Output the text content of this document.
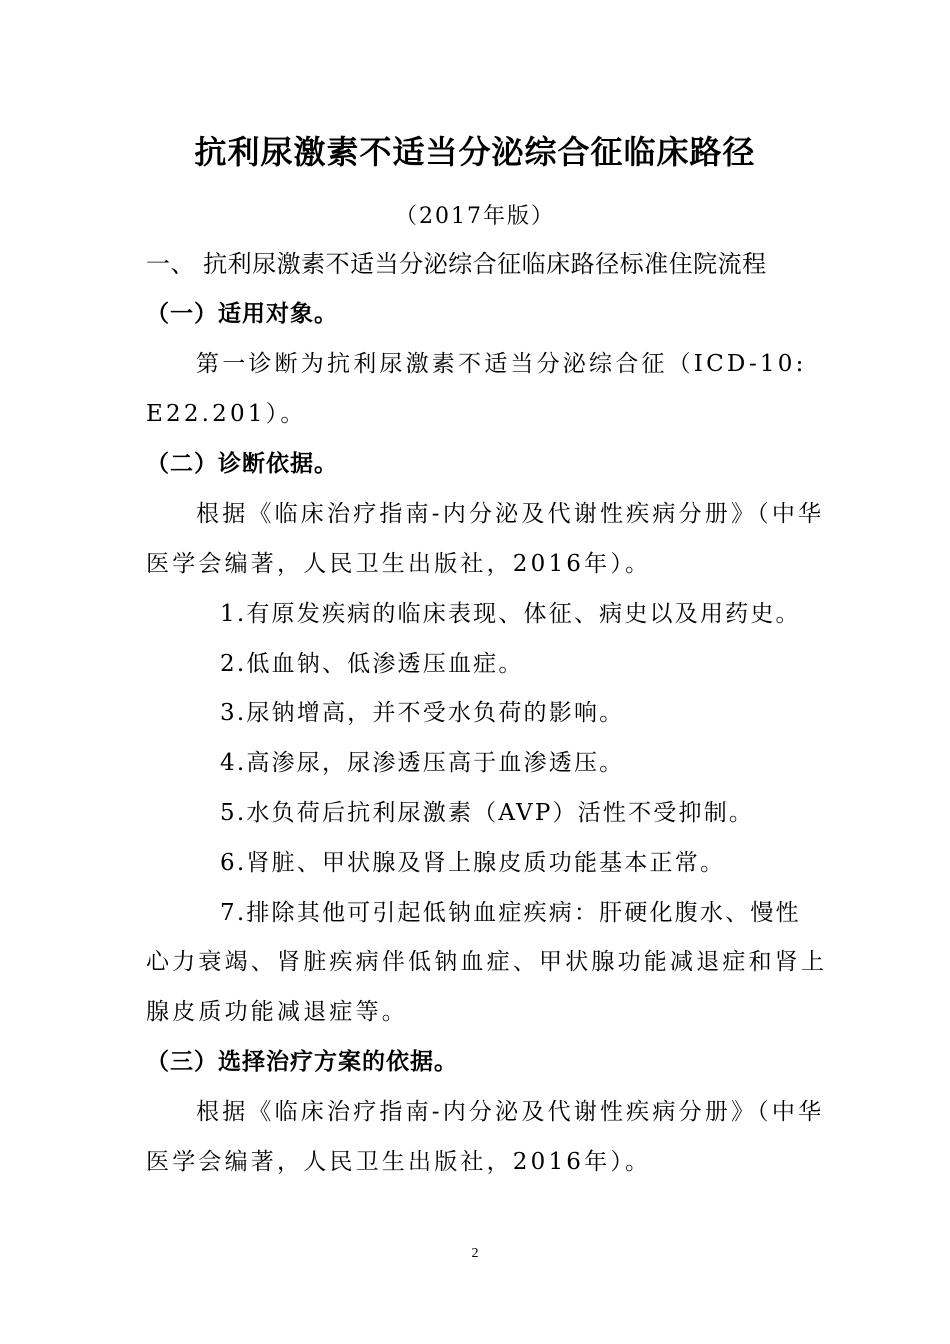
抗利尿激素不适当分泌综合征临床路径
（2017年版）
一、 抗利尿激素不适当分泌综合征临床路径标准住院流程
（一）适用对象。
第一诊断为抗利尿激素不适当分泌综合征（ICD-10:
E22.201）。
（二）诊断依据。
根据《临床治疗指南-内分泌及代谢性疾病分册》（中华
医学会编著，人民卫生出版社，2016年）。
1.有原发疾病的临床表现、体征、病史以及用药史。
2.低血钠、低渗透压血症。
3.尿钠增高，并不受水负荷的影响。
4.高渗尿，尿渗透压高于血渗透压。
5.水负荷后抗利尿激素（AVP）活性不受抑制。
6.肾脏、甲状腺及肾上腺皮质功能基本正常。
7.排除其他可引起低钠血症疾病：肝硬化腹水、慢性
心力衰竭、肾脏疾病伴低钠血症、甲状腺功能减退症和肾上
腺皮质功能减退症等。
（三）选择治疗方案的依据。
根据《临床治疗指南-内分泌及代谢性疾病分册》（中华
医学会编著，人民卫生出版社，2016年）。
2
